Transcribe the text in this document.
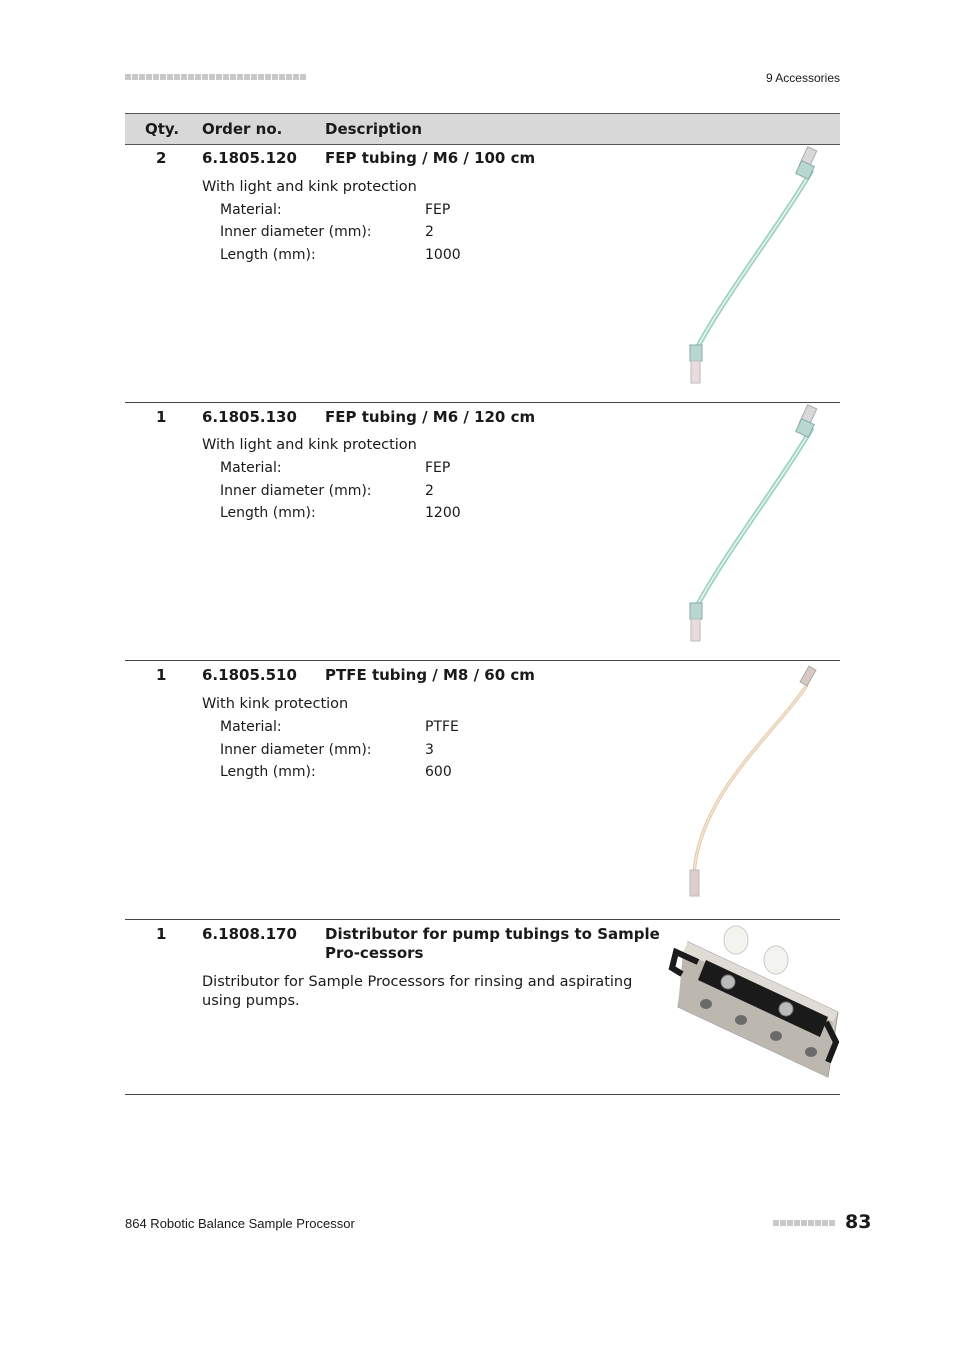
9 Accessories
Qty. Order no.	Description
2 6.1805.120 FEP tubing / M6 / 100 cm
With light and kink protection
Material:	FEP
Inner diameter (mm):	2
Length (mm):	1000
1 6.1805.130 FEP tubing / M6 / 120 cm
With light and kink protection
Material:	FEP
Inner diameter (mm):	2
Length (mm):	1200
1 6.1805.510 PTFE tubing / M8 / 60 cm
With kink protection
Material:	PTFE
Inner diameter (mm):	3
Length (mm):	600
1 6.1808.170 Distributor for pump tubings to Sample Pro-cessors
Distributor for Sample Processors for rinsing and aspirating using pumps.
864 Robotic Balance Sample Processor	83
